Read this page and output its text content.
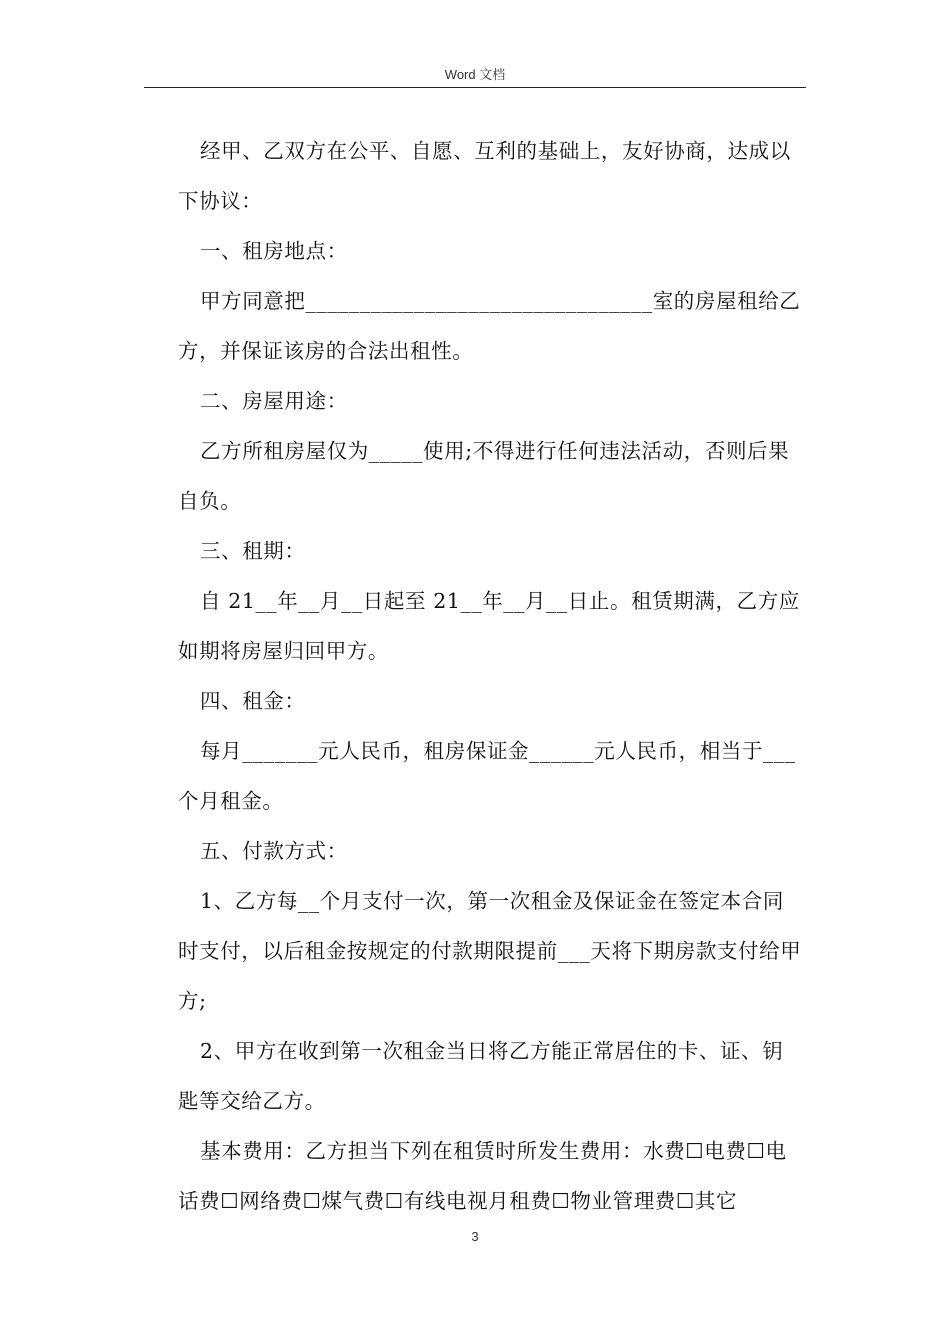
Word 文档

经甲、乙双方在公平、自愿、互利的基础上，友好协商，达成以下协议：

一、租房地点：

甲方同意把________________________________室的房屋租给乙方，并保证该房的合法出租性。

二、房屋用途：

乙方所租房屋仅为_____使用;不得进行任何违法活动，否则后果自负。

三、租期：

自 21__年__月__日起至 21__年__月__日止。租赁期满，乙方应如期将房屋归回甲方。

四、租金：

每月_______元人民币，租房保证金______元人民币，相当于___个月租金。

五、付款方式：

1、乙方每__个月支付一次，第一次租金及保证金在签定本合同时支付，以后租金按规定的付款期限提前___天将下期房款支付给甲方;

2、甲方在收到第一次租金当日将乙方能正常居住的卡、证、钥匙等交给乙方。

基本费用：乙方担当下列在租赁时所发生费用：水费☐电费☐电话费☐网络费☐煤气费☐有线电视月租费☐物业管理费☐其它

3
